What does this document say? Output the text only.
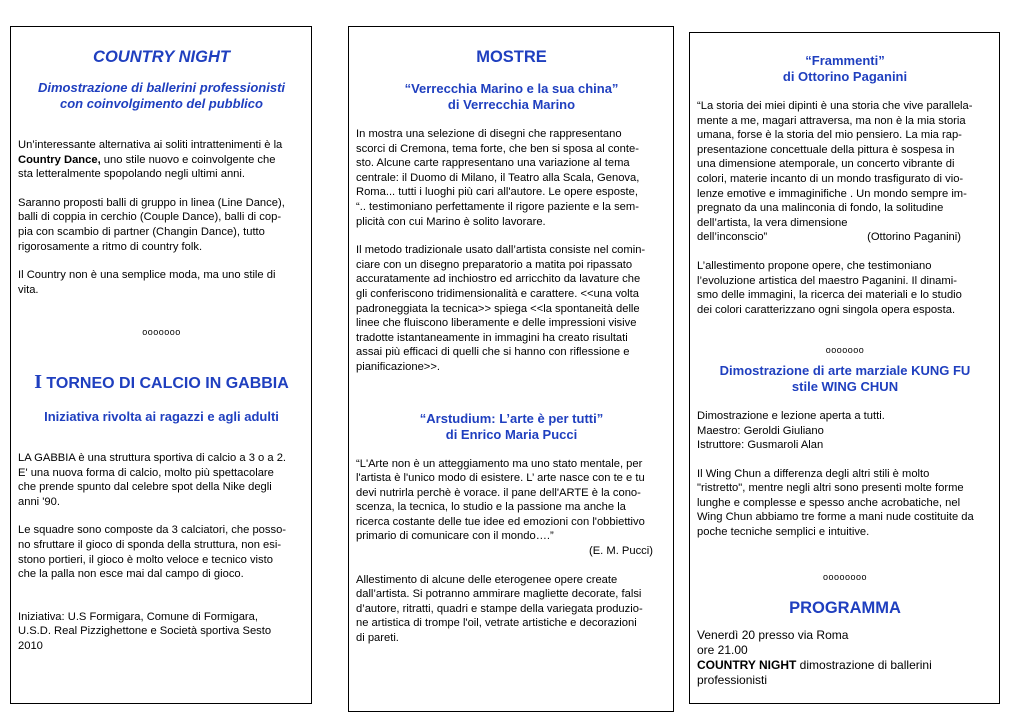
COUNTRY NIGHT
Dimostrazione di ballerini professionisti
con coinvolgimento del pubblico

Un’interessante alternativa ai soliti intrattenimenti è la

Country Dance, uno stile nuovo e coinvolgente che

sta letteralmente spopolando negli ultimi anni.

Saranno proposti balli di gruppo in linea (Line Dance),

balli di coppia in cerchio (Couple Dance), balli di cop-

pia con scambio di partner (Changin Dance), tutto

rigorosamente a ritmo di country folk.

Il Country non è una semplice moda, ma uno stile di

vita.

ooooooo

I TORNEO DI CALCIO IN GABBIA
Iniziativa rivolta ai ragazzi e agli adulti

LA GABBIA è una struttura sportiva di calcio a 3 o a 2.

E' una nuova forma di calcio, molto più spettacolare

che prende spunto dal celebre spot della Nike degli

anni '90.

Le squadre sono composte da 3 calciatori, che posso-

no sfruttare il gioco di sponda della struttura, non esi-

stono portieri, il gioco è molto veloce e tecnico visto

che la palla non esce mai dal campo di gioco.

Iniziativa: U.S Formigara, Comune di Formigara,

U.S.D. Real Pizzighettone e Società sportiva Sesto

2010

MOSTRE
“Verrecchia Marino e la sua china”
di Verrecchia Marino

In mostra una selezione di disegni che rappresentano

scorci di Cremona, tema forte, che ben si sposa al conte-

sto. Alcune carte rappresentano una variazione al tema

centrale: il Duomo di Milano, il Teatro alla Scala, Genova,

Roma... tutti i luoghi più cari all'autore. Le opere esposte,

“.. testimoniano perfettamente il rigore paziente e la sem-

plicità con cui Marino è solito lavorare.

Il metodo tradizionale usato dall’artista consiste nel comin-

ciare con un disegno preparatorio a matita poi ripassato

accuratamente ad inchiostro ed arricchito da lavature che

gli conferiscono tridimensionalità e carattere. <<una volta

padroneggiata la tecnica>> spiega <<la spontaneità delle

linee che fluiscono liberamente e delle impressioni visive

tradotte istantaneamente in immagini ha creato risultati

assai più efficaci di quelli che si hanno con riflessione e

pianificazione>>.

“Arstudium: L’arte è per tutti”
di Enrico Maria Pucci

“L'Arte non è un atteggiamento ma uno stato mentale, per

l'artista è l'unico modo di esistere. L’ arte nasce con te e tu

devi nutrirla perchè è vorace. il pane dell'ARTE è la cono-

scenza, la tecnica, lo studio e la passione ma anche la

ricerca costante delle tue idee ed emozioni con l'obbiettivo

primario di comunicare con il mondo….”

(E. M. Pucci)

Allestimento di alcune delle eterogenee opere create

dall’artista. Si potranno ammirare magliette decorate, falsi

d’autore, ritratti, quadri e stampe della variegata produzio-

ne artistica di trompe l'oil, vetrate artistiche e decorazioni

di pareti.

“Frammenti”
di Ottorino Paganini

“La storia dei miei dipinti è una storia che vive parallela-

mente a me, magari attraversa, ma non è la mia storia

umana, forse è la storia del mio pensiero. La mia rap-

presentazione concettuale della pittura è sospesa in

una dimensione atemporale, un concerto vibrante di

colori, materie incanto di un mondo trasfigurato di vio-

lenze emotive e immaginifiche . Un mondo sempre im-

pregnato da una malinconia di fondo, la solitudine

dell’artista, la vera dimensione

dell’inconscio”	(Ottorino Paganini)

L’allestimento propone opere, che testimoniano

l’evoluzione artistica del maestro Paganini. Il dinami-

smo delle immagini, la ricerca dei materiali e lo studio

dei colori caratterizzano ogni singola opera esposta.

ooooooo

Dimostrazione di arte marziale KUNG FU
stile WING CHUN

Dimostrazione e lezione aperta a tutti.

Maestro: Geroldi Giuliano

Istruttore: Gusmaroli Alan

Il Wing Chun a differenza degli altri stili è molto

"ristretto", mentre negli altri sono presenti molte forme

lunghe e complesse e spesso anche acrobatiche, nel

Wing Chun abbiamo tre forme a mani nude costituite da

poche tecniche semplici e intuitive.

oooooooo

PROGRAMMA

Venerdì 20 presso via Roma

ore 21.00

COUNTRY NIGHT dimostrazione di ballerini

professionisti
